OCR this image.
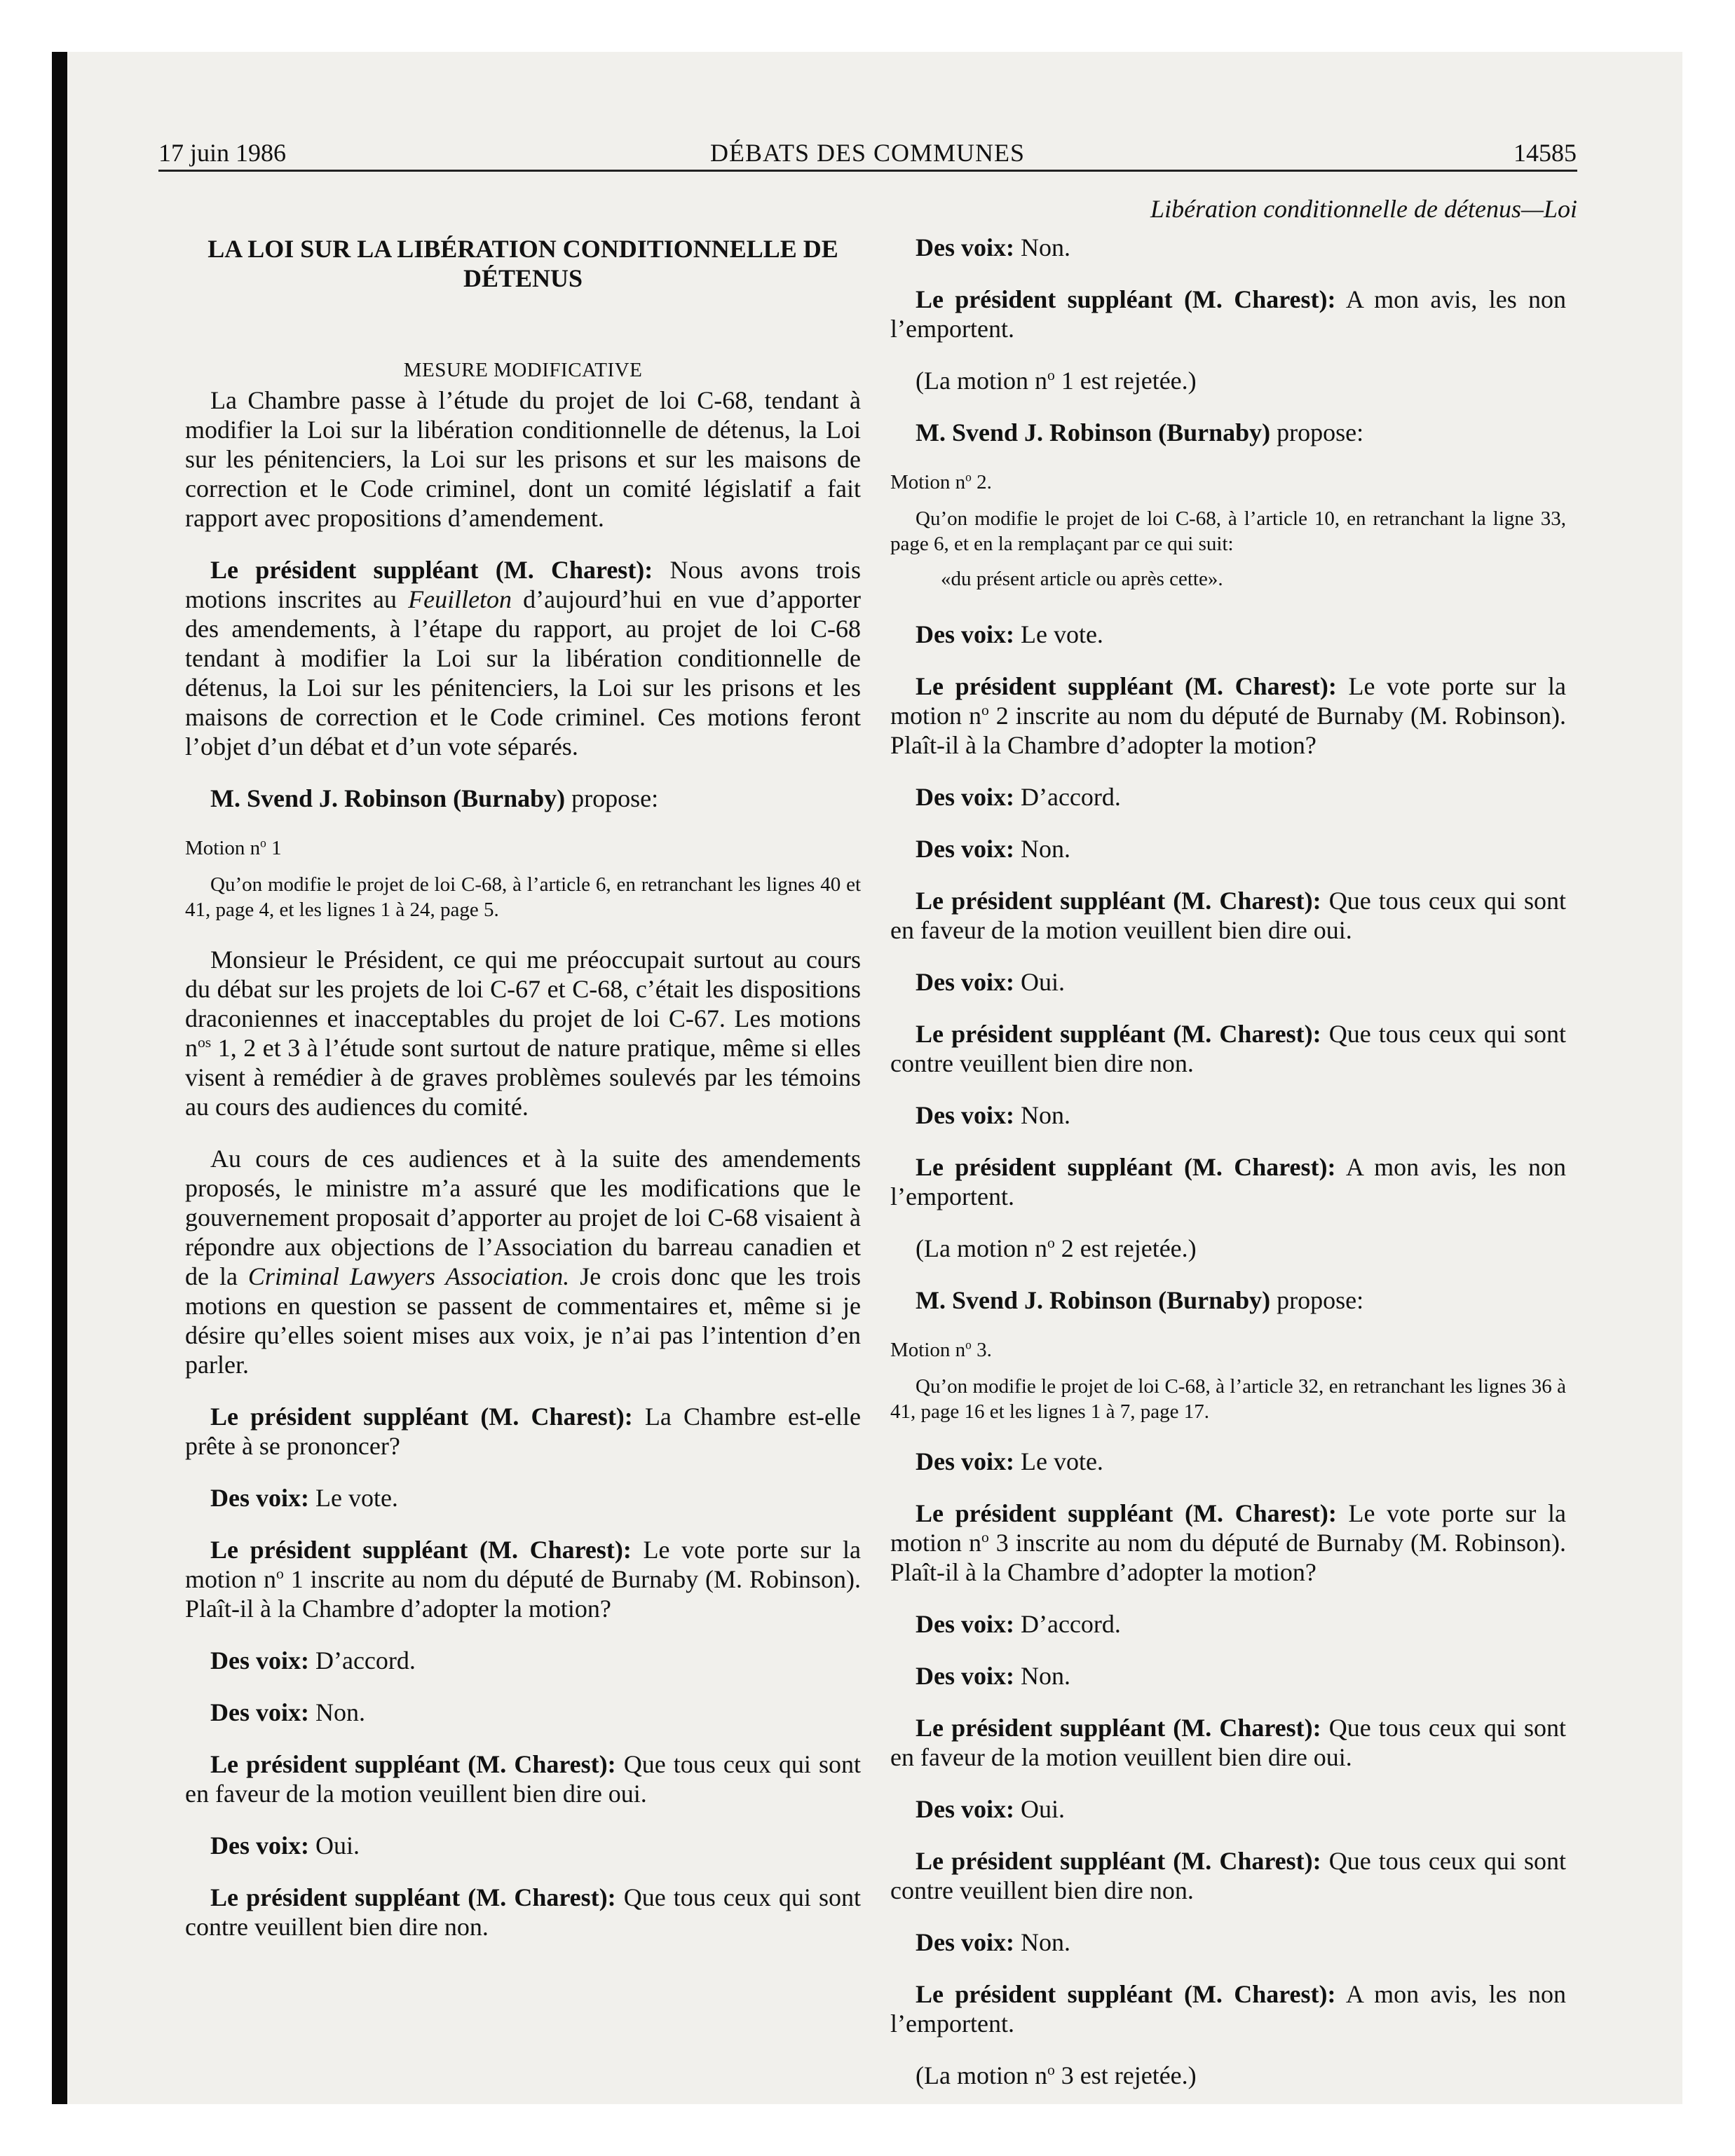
17 juin 1986	DÉBATS DES COMMUNES	14585
Libération conditionnelle de détenus—Loi
LA LOI SUR LA LIBÉRATION CONDITIONNELLE DE DÉTENUS
MESURE MODIFICATIVE

La Chambre passe à l’étude du projet de loi C-68, tendant à modifier la Loi sur la libération conditionnelle de détenus, la Loi sur les pénitenciers, la Loi sur les prisons et sur les maisons de correction et le Code criminel, dont un comité législatif a fait rapport avec propositions d’amendement.

Le président suppléant (M. Charest): Nous avons trois motions inscrites au Feuilleton d’aujourd’hui en vue d’apporter des amendements, à l’étape du rapport, au projet de loi C-68 tendant à modifier la Loi sur la libération conditionnelle de détenus, la Loi sur les pénitenciers, la Loi sur les prisons et les maisons de correction et le Code criminel. Ces motions feront l’objet d’un débat et d’un vote séparés.

M. Svend J. Robinson (Burnaby) propose:

Motion $n^o$ 1
Qu’on modifie le projet de loi C-68, à l’article 6, en retranchant les lignes 40 et 41, page 4, et les lignes 1 à 24, page 5.

Monsieur le Président, ce qui me préoccupait surtout au cours du débat sur les projets de loi C-67 et C-68, c’était les dispositions draconiennes et inacceptables du projet de loi C-67. Les motions $n^{os}$ 1, 2 et 3 à l’étude sont surtout de nature pratique, même si elles visent à remédier à de graves problèmes soulevés par les témoins au cours des audiences du comité.

Au cours de ces audiences et à la suite des amendements proposés, le ministre m’a assuré que les modifications que le gouvernement proposait d’apporter au projet de loi C-68 visaient à répondre aux objections de l’Association du barreau canadien et de la Criminal Lawyers Association. Je crois donc que les trois motions en question se passent de commentaires et, même si je désire qu’elles soient mises aux voix, je n’ai pas l’intention d’en parler.

Le président suppléant (M. Charest): La Chambre est-elle prête à se prononcer?

Des voix: Le vote.

Le président suppléant (M. Charest): Le vote porte sur la motion $n^o$ 1 inscrite au nom du député de Burnaby (M. Robinson). Plaît-il à la Chambre d’adopter la motion?

Des voix: D’accord.

Des voix: Non.

Le président suppléant (M. Charest): Que tous ceux qui sont en faveur de la motion veuillent bien dire oui.

Des voix: Oui.

Le président suppléant (M. Charest): Que tous ceux qui sont contre veuillent bien dire non.

Des voix: Non.

Le président suppléant (M. Charest): A mon avis, les non l’emportent.

(La motion $n^o$ 1 est rejetée.)

M. Svend J. Robinson (Burnaby) propose:

Motion $n^o$ 2.
Qu’on modifie le projet de loi C-68, à l’article 10, en retranchant la ligne 33, page 6, et en la remplaçant par ce qui suit:
«du présent article ou après cette».

Des voix: Le vote.

Le président suppléant (M. Charest): Le vote porte sur la motion $n^o$ 2 inscrite au nom du député de Burnaby (M. Robinson). Plaît-il à la Chambre d’adopter la motion?

Des voix: D’accord.

Des voix: Non.

Le président suppléant (M. Charest): Que tous ceux qui sont en faveur de la motion veuillent bien dire oui.

Des voix: Oui.

Le président suppléant (M. Charest): Que tous ceux qui sont contre veuillent bien dire non.

Des voix: Non.

Le président suppléant (M. Charest): A mon avis, les non l’emportent.

(La motion $n^o$ 2 est rejetée.)

M. Svend J. Robinson (Burnaby) propose:

Motion $n^o$ 3.
Qu’on modifie le projet de loi C-68, à l’article 32, en retranchant les lignes 36 à 41, page 16 et les lignes 1 à 7, page 17.

Des voix: Le vote.

Le président suppléant (M. Charest): Le vote porte sur la motion $n^o$ 3 inscrite au nom du député de Burnaby (M. Robinson). Plaît-il à la Chambre d’adopter la motion?

Des voix: D’accord.

Des voix: Non.

Le président suppléant (M. Charest): Que tous ceux qui sont en faveur de la motion veuillent bien dire oui.

Des voix: Oui.

Le président suppléant (M. Charest): Que tous ceux qui sont contre veuillent bien dire non.

Des voix: Non.

Le président suppléant (M. Charest): A mon avis, les non l’emportent.

(La motion $n^o$ 3 est rejetée.)
